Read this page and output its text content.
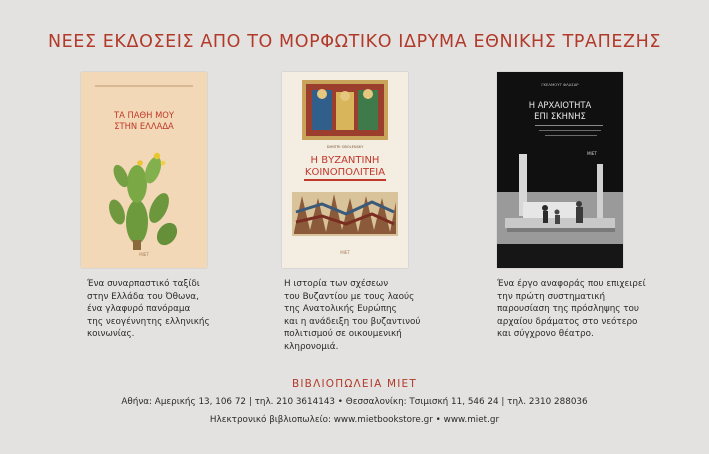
ΝΕΕΣ ΕΚΔΟΣΕΙΣ ΑΠΟ ΤΟ ΜΟΡΦΩΤΙΚΟ ΙΔΡΥΜΑ ΕΘΝΙΚΗΣ ΤΡΑΠΕΖΗΣ
ΤΑ ΠΑΘΗ ΜΟΥ
ΣΤΗΝ ΕΛΛΑΔΑ
ΜΙΕΤ
DIMITRI OBOLENSKY
Η ΒΥΖΑΝΤΙΝΗ
ΚΟΙΝΟΠΟΛΙΤΕΙΑ
ΜΙΕΤ
ΓΚΕΛΜΟΥΤ ΦΛΑΣΑΡ
Η ΑΡΧΑΙΟΤΗΤΑ
ΕΠΙ ΣΚΗΝΗΣ
ΜΙΕΤ
Ένα συναρπαστικό ταξίδι
στην Ελλάδα του Όθωνα,
ένα γλαφυρό πανόραμα
της νεογέννητης ελληνικής
κοινωνίας.
Η ιστορία των σχέσεων
του Βυζαντίου με τους λαούς
της Ανατολικής Ευρώπης
και η ανάδειξη του βυζαντινού
πολιτισμού σε οικουμενική
κληρονομιά.
Ένα έργο αναφοράς που επιχειρεί
την πρώτη συστηματική
παρουσίαση της πρόσληψης του
αρχαίου δράματος στο νεότερο
και σύγχρονο θέατρο.
ΒΙΒΛΙΟΠΩΛΕΙΑ ΜΙΕΤ
Αθήνα: Αμερικής 13, 106 72 | τηλ. 210 3614143 • Θεσσαλονίκη: Τσιμισκή 11, 546 24 | τηλ. 2310 288036
Ηλεκτρονικό βιβλιοπωλείο: www.mietbookstore.gr • www.miet.gr
